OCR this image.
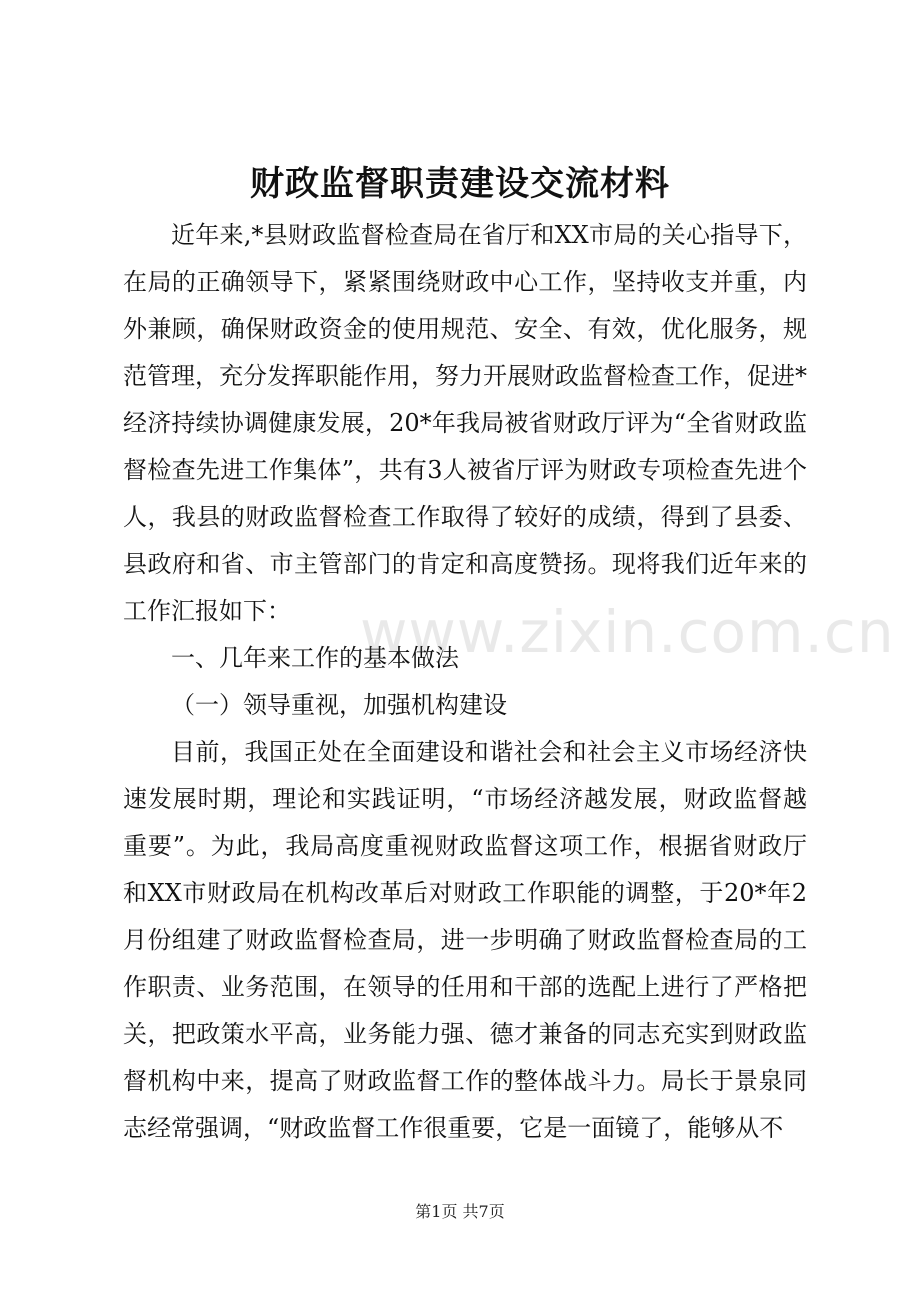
财政监督职责建设交流材料

近年来,*县财政监督检查局在省厅和XX市局的关心指导下，在局的正确领导下，紧紧围绕财政中心工作，坚持收支并重，内外兼顾，确保财政资金的使用规范、安全、有效，优化服务，规范管理，充分发挥职能作用，努力开展财政监督检查工作，促进*经济持续协调健康发展，20*年我局被省财政厅评为“全省财政监督检查先进工作集体”，共有3人被省厅评为财政专项检查先进个人，我县的财政监督检查工作取得了较好的成绩，得到了县委、县政府和省、市主管部门的肯定和高度赞扬。现将我们近年来的工作汇报如下：

一、几年来工作的基本做法

（一）领导重视，加强机构建设

目前，我国正处在全面建设和谐社会和社会主义市场经济快速发展时期，理论和实践证明，“市场经济越发展，财政监督越重要”。为此，我局高度重视财政监督这项工作，根据省财政厅和XX市财政局在机构改革后对财政工作职能的调整，于20*年2月份组建了财政监督检查局，进一步明确了财政监督检查局的工作职责、业务范围，在领导的任用和干部的选配上进行了严格把关，把政策水平高，业务能力强、德才兼备的同志充实到财政监督机构中来，提高了财政监督工作的整体战斗力。局长于景泉同志经常强调，“财政监督工作很重要，它是一面镜了，能够从不

www.zixin.com.cn
第1页 共7页
